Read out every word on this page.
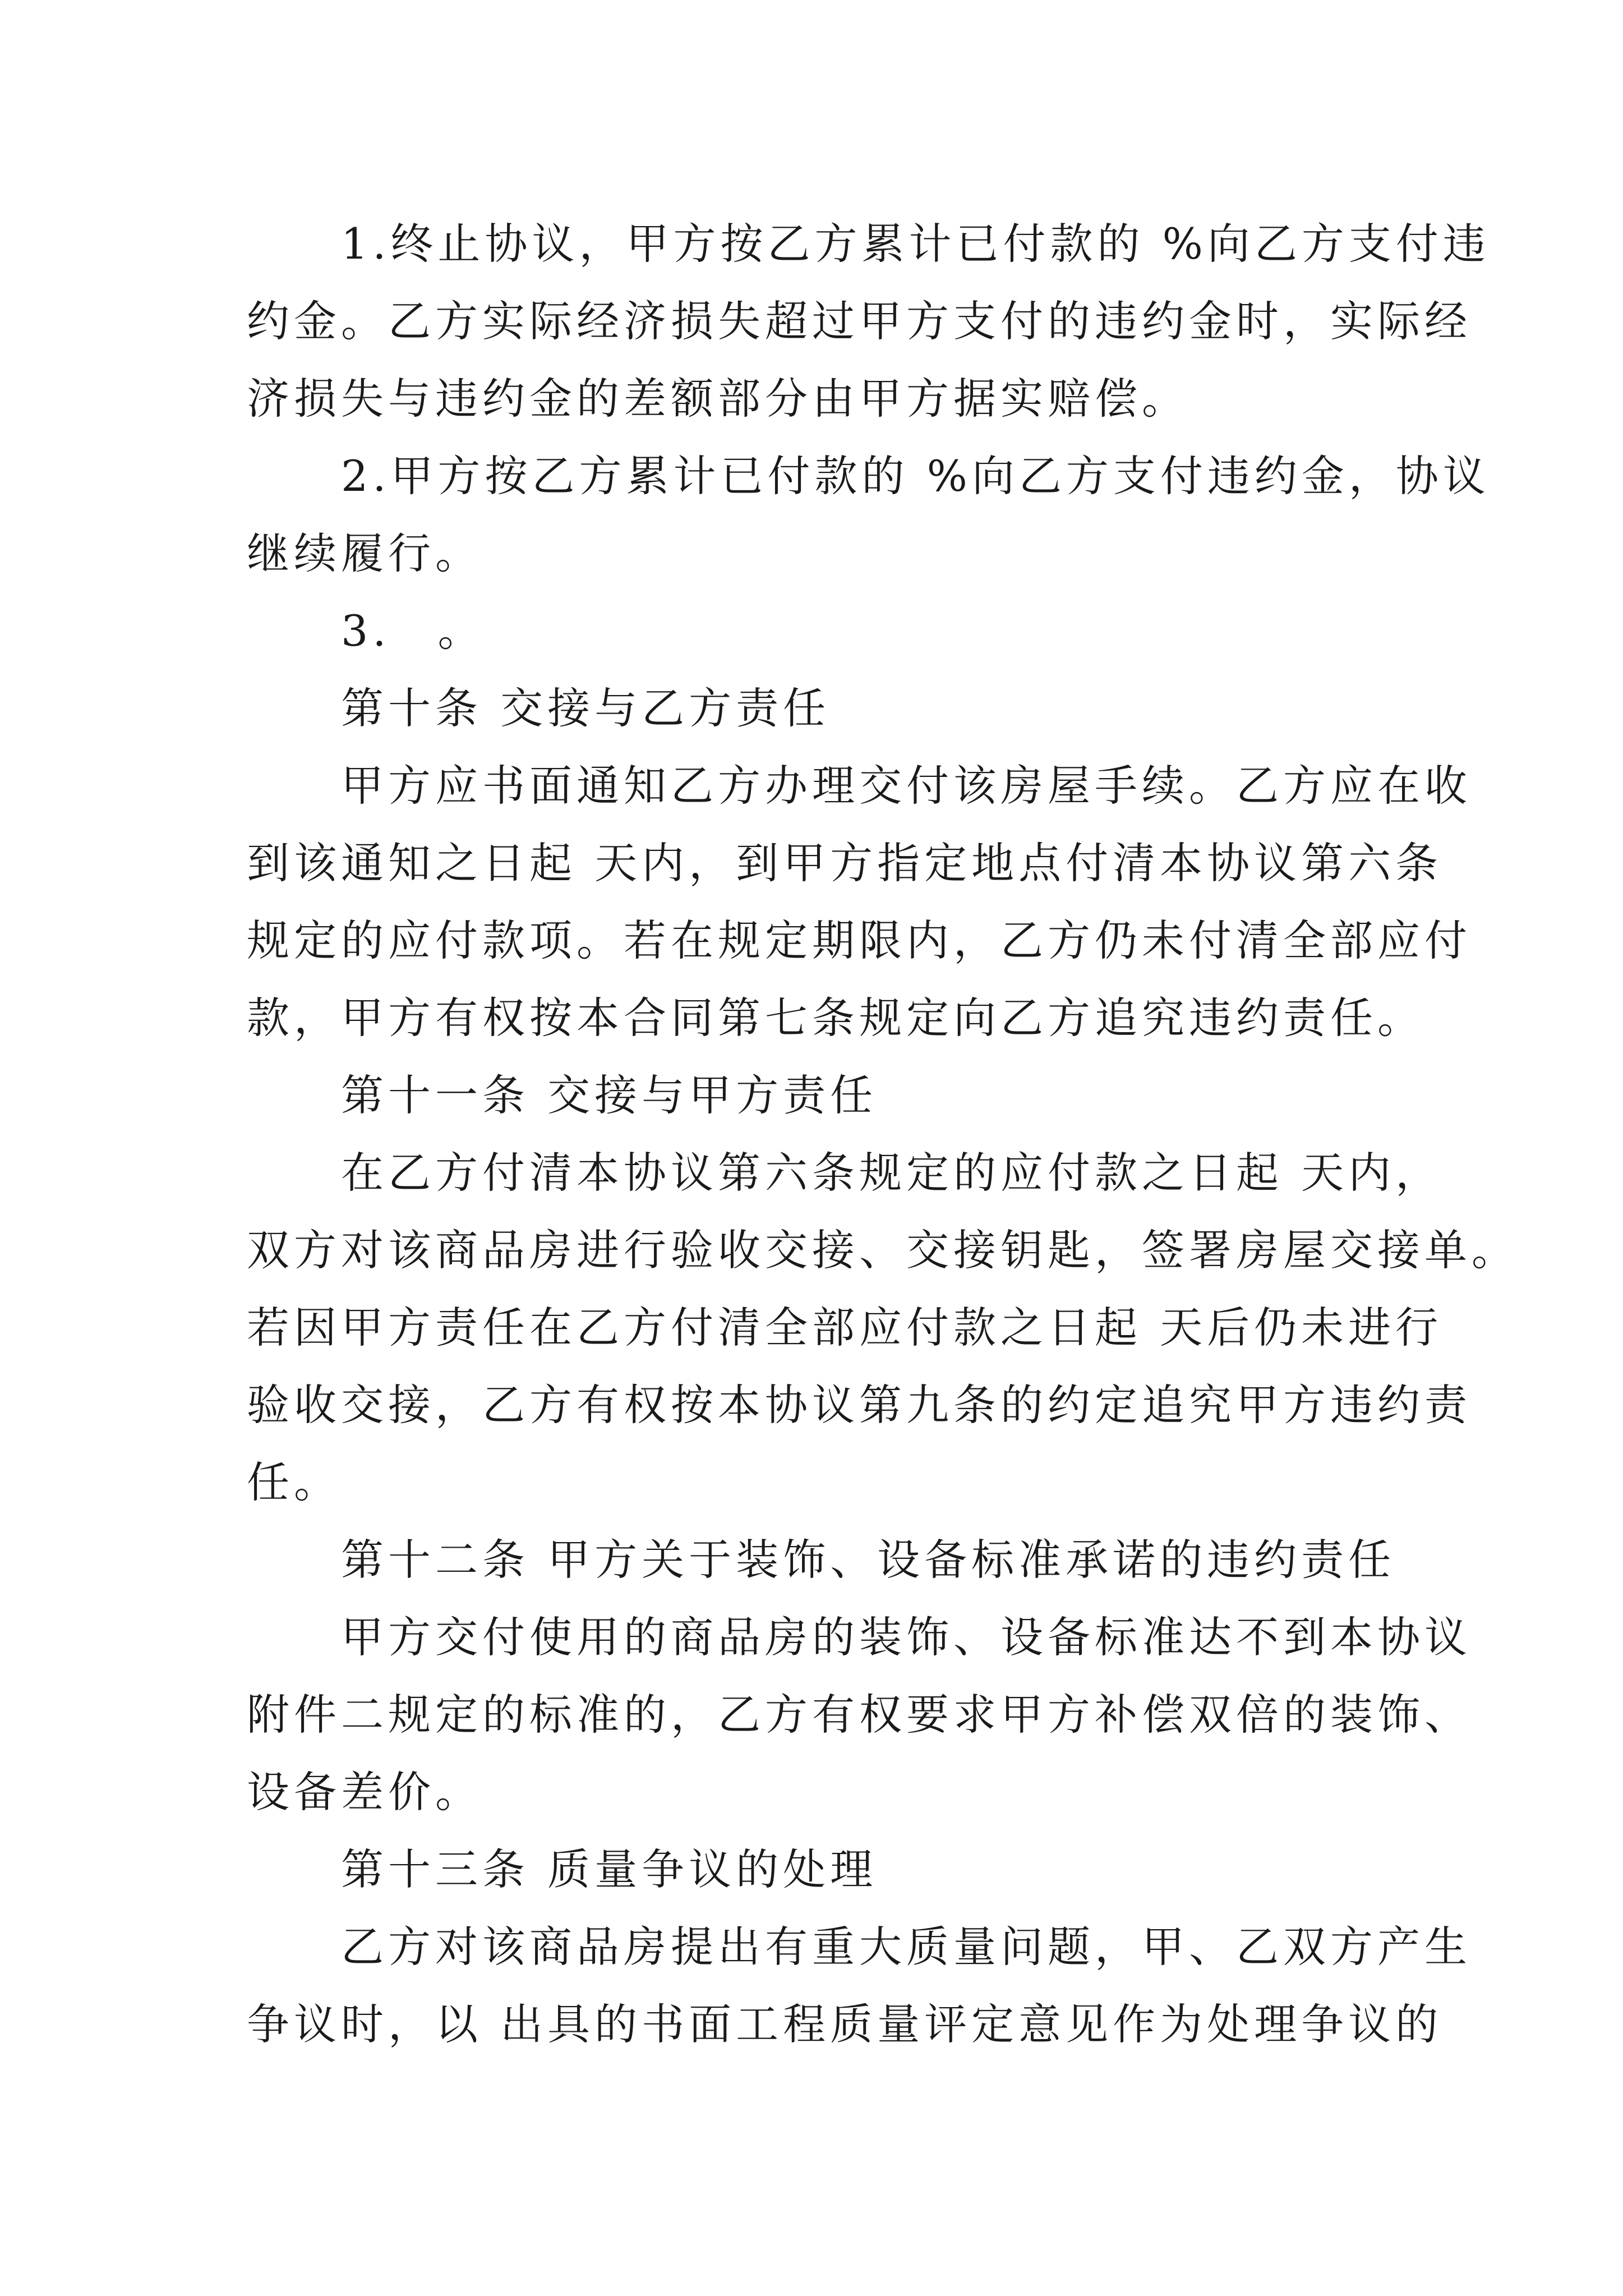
　　1.终止协议，甲方按乙方累计已付款的 %向乙方支付违
约金。乙方实际经济损失超过甲方支付的违约金时，实际经
济损失与违约金的差额部分由甲方据实赔偿。
　　2.甲方按乙方累计已付款的 %向乙方支付违约金，协议
继续履行。
　　3.　。
　　第十条 交接与乙方责任
　　甲方应书面通知乙方办理交付该房屋手续。乙方应在收
到该通知之日起 天内，到甲方指定地点付清本协议第六条
规定的应付款项。若在规定期限内，乙方仍未付清全部应付
款，甲方有权按本合同第七条规定向乙方追究违约责任。
　　第十一条 交接与甲方责任
　　在乙方付清本协议第六条规定的应付款之日起 天内，
双方对该商品房进行验收交接、交接钥匙，签署房屋交接单。
若因甲方责任在乙方付清全部应付款之日起 天后仍未进行
验收交接，乙方有权按本协议第九条的约定追究甲方违约责
任。
　　第十二条 甲方关于装饰、设备标准承诺的违约责任
　　甲方交付使用的商品房的装饰、设备标准达不到本协议
附件二规定的标准的，乙方有权要求甲方补偿双倍的装饰、
设备差价。
　　第十三条 质量争议的处理
　　乙方对该商品房提出有重大质量问题，甲、乙双方产生
争议时，以 出具的书面工程质量评定意见作为处理争议的
